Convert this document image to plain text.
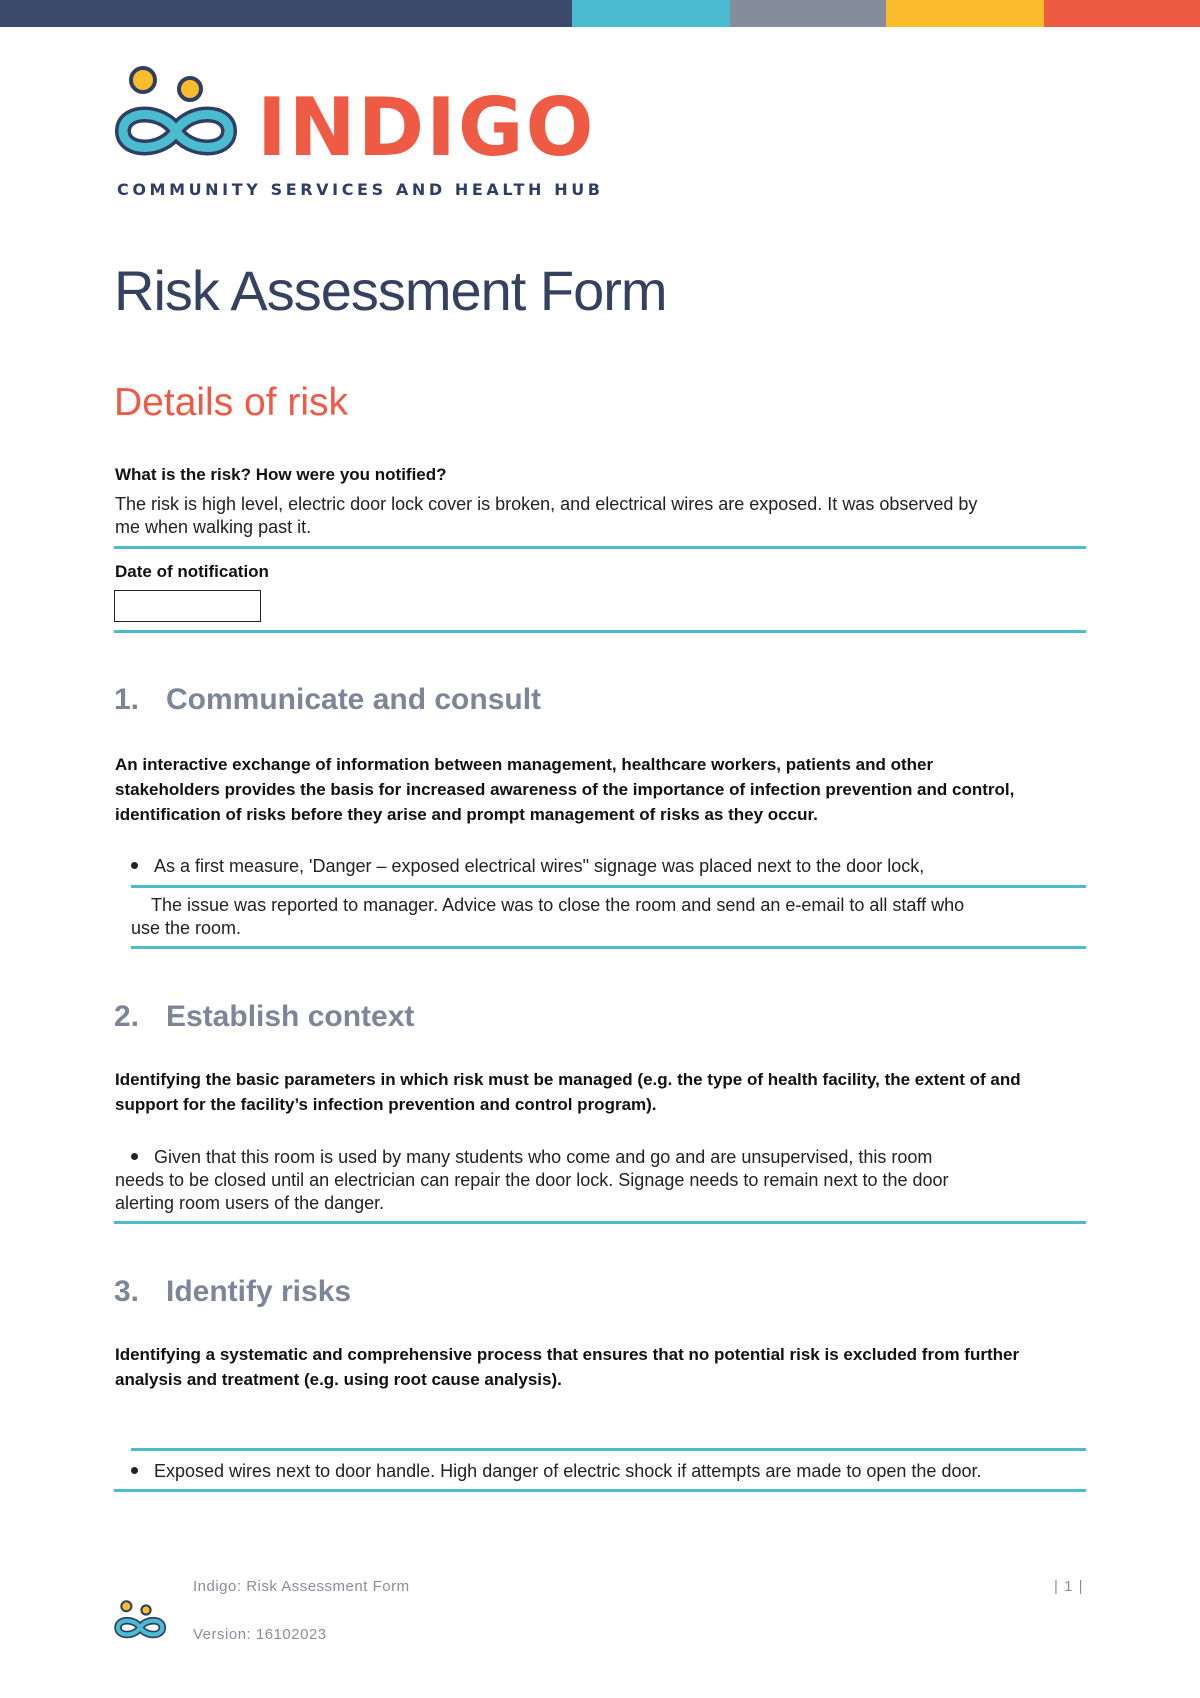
INDIGO
COMMUNITY SERVICES AND HEALTH HUB
Risk Assessment Form
Details of risk
What is the risk? How were you notified?
The risk is high level, electric door lock cover is broken, and electrical wires are exposed. It was observed by
me when walking past it.
Date of notification
1. Communicate and consult
An interactive exchange of information between management, healthcare workers, patients and other
stakeholders provides the basis for increased awareness of the importance of infection prevention and control,
identification of risks before they arise and prompt management of risks as they occur.
As a first measure, 'Danger – exposed electrical wires" signage was placed next to the door lock,
The issue was reported to manager. Advice was to close the room and send an e-email to all staff who
use the room.
2. Establish context
Identifying the basic parameters in which risk must be managed (e.g. the type of health facility, the extent of and
support for the facility’s infection prevention and control program).
Given that this room is used by many students who come and go and are unsupervised, this room
needs to be closed until an electrician can repair the door lock. Signage needs to remain next to the door
alerting room users of the danger.
3. Identify risks
Identifying a systematic and comprehensive process that ensures that no potential risk is excluded from further
analysis and treatment (e.g. using root cause analysis).
Exposed wires next to door handle. High danger of electric shock if attempts are made to open the door.
Indigo: Risk Assessment Form
Version: 16102023
| 1 |
